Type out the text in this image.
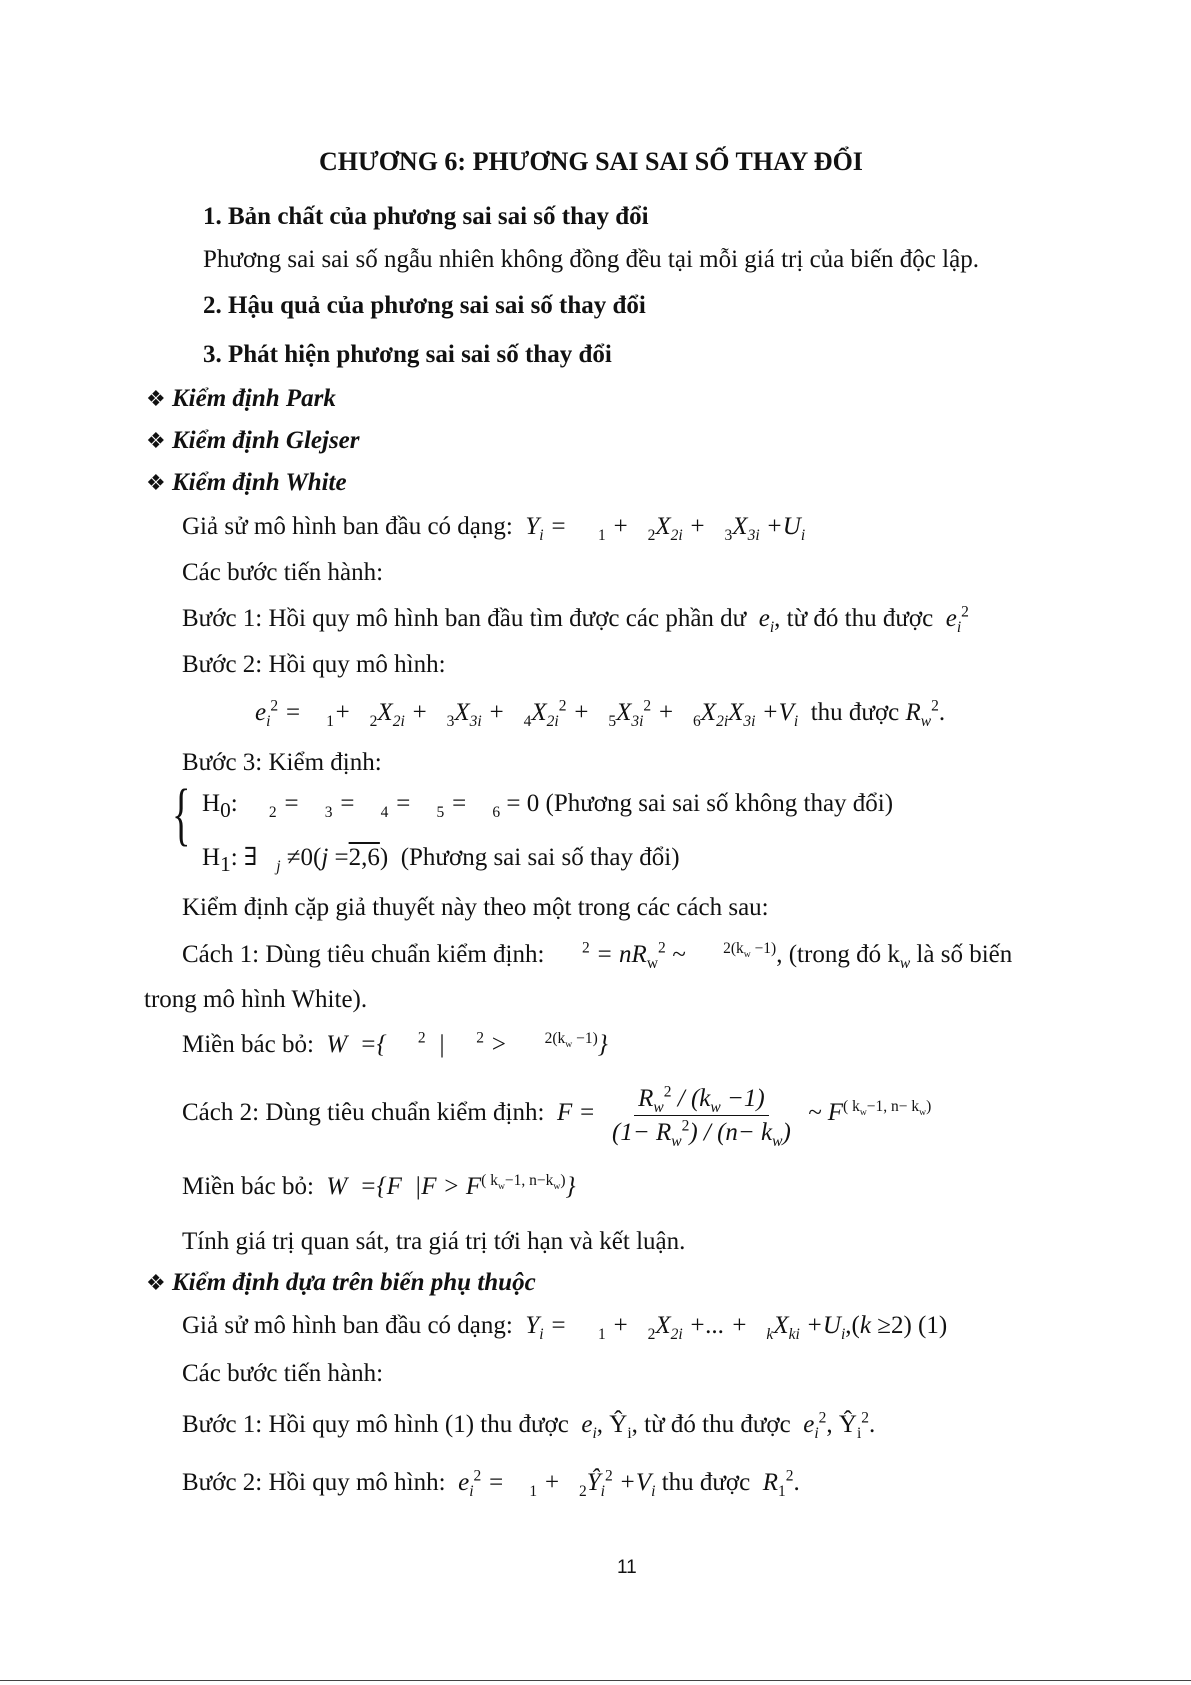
CHƯƠNG 6: PHƯƠNG SAI SAI SỐ THAY ĐỔI
1. Bản chất của phương sai sai số thay đổi
Phương sai sai số ngẫu nhiên không đồng đều tại mỗi giá trị của biến độc lập.
2. Hậu quả của phương sai sai số thay đổi
3. Phát hiện phương sai sai số thay đổi
❖ Kiểm định Park
❖ Kiểm định Glejser
❖ Kiểm định White
Giả sử mô hình ban đầu có dạng:  $Y_i$ =     $_1 + _2X_{2i} + _3X_{3i} +U_i$
Các bước tiến hành:
Bước 1: Hồi quy mô hình ban đầu tìm được các phần dư  $e_i$, từ đó thu được  $e_i^2$
Bước 2: Hồi quy mô hình:
$e_i^2$ =    $_1+ _2X_{2i} + _3X_{3i} + _4X_{2i}^2 + _5X_{3i}^2 + _6X_{2i}X_{3i} +V_i$ thu được $R_w^2$.
Bước 3: Kiểm định:
{ $H_0$:     $_2$ =    $_3$ =    $_4$ =    $_5$ =    $_6$ = 0 (Phương sai sai số không thay đổi)
$H_1$: ∃   $_j$ ≠0(j =2,6)  (Phương sai sai số thay đổi)
Kiểm định cặp giả thuyết này theo một trong các cách sau:
Cách 1: Dùng tiêu chuẩn kiểm định: $^2 = nR_w^2$ ~      $^{2(k_w -1)}$, (trong đó $k_w$ là số biến
trong mô hình White).
Miền bác bỏ:  W  ={     $^2$  |     $^2$ >      $^{2(k_w -1)}$}
Cách 2: Dùng tiêu chuẩn kiểm định:  $F = \frac{R_w^2 / (k_w -1)}{(1- R_w^2) / (n- k_w)}$ ~ $F^{( k_w-1, n- k_w)}$
Miền bác bỏ:  W  ={F  $|F > F^{( k_w-1, n-k_w)}$}
Tính giá trị quan sát, tra giá trị tới hạn và kết luận.
❖ Kiểm định dựa trên biến phụ thuộc
Giả sử mô hình ban đầu có dạng:  $Y_i$ =     $_1 + _2X_{2i}$ +... +   $_kX_{ki} +U_i,(k \ge 2)$ (1)
Các bước tiến hành:
Bước 1: Hồi quy mô hình (1) thu được  $e_i$, $Ŷ_i$, từ đó thu được  $e_i^2$, $Ŷ_i^2$.
Bước 2: Hồi quy mô hình:  $e_i^2$ =    $_1 + _2Ŷ_i^2 +V_i$ thu được  $R_1^2$.
11
